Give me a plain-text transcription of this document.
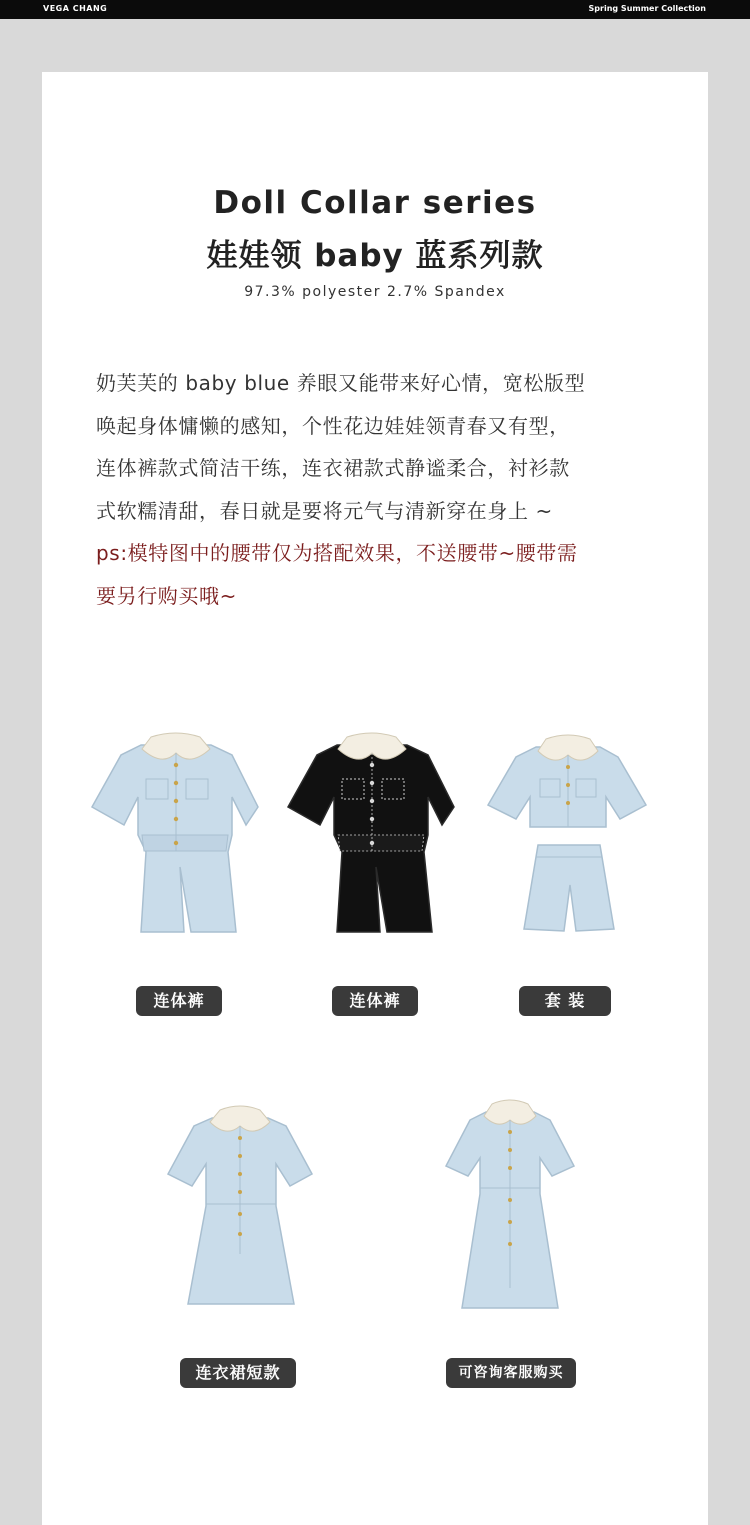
VEGA CHANG	Spring Summer Collection
Doll Collar series
娃娃领 baby 蓝系列款
97.3% polyester 2.7% Spandex

奶芙芙的 baby blue 养眼又能带来好心情，宽松版型

唤起身体慵懒的感知，个性花边娃娃领青春又有型，

连体裤款式简洁干练，连衣裙款式静谧柔合，衬衫款

式软糯清甜，春日就是要将元气与清新穿在身上 ~

ps:模特图中的腰带仅为搭配效果，不送腰带~腰带需

要另行购买哦~

连体裤	连体裤	套 装
连衣裙短款	可咨询客服购买
